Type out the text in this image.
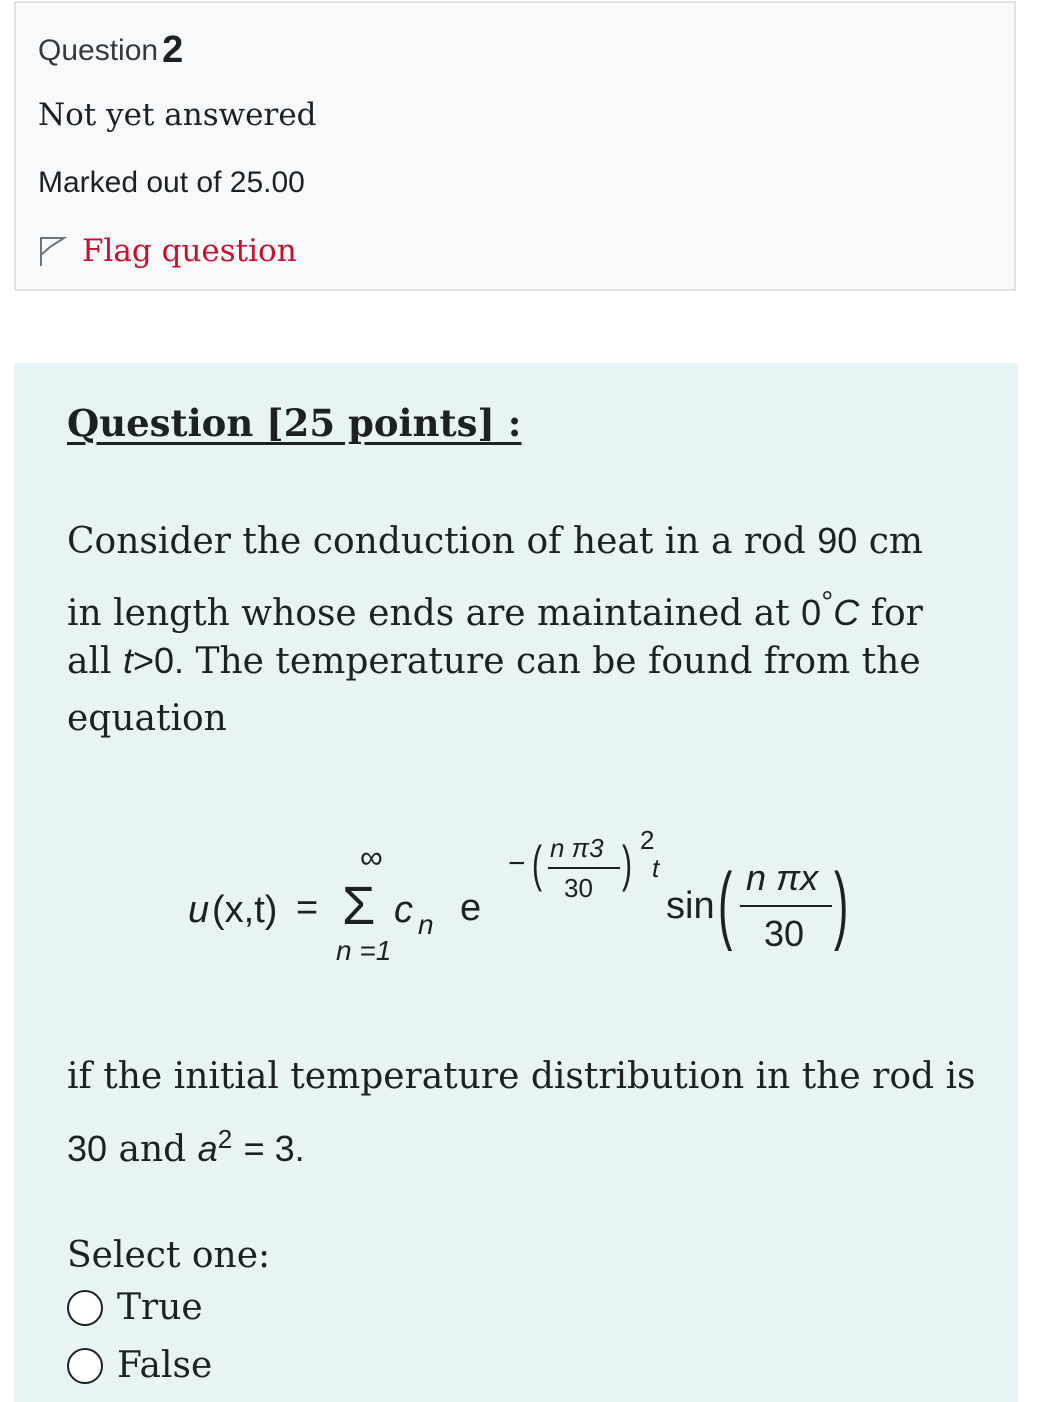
Question 2
Not yet answered
Marked out of 25.00
Flag question
Question [25 points] :
Consider the conduction of heat in a rod 90 cm
in length whose ends are maintained at 0°C for
all t>0. The temperature can be found from the
equation
u (x,t) =
∞
Σ
n =1
c n e
− ( n π3
30 ) 2
t
sin ( n πx
30 )
if the initial temperature distribution in the rod is
30 and $a^2 = 3$.
Select one:
True
False
